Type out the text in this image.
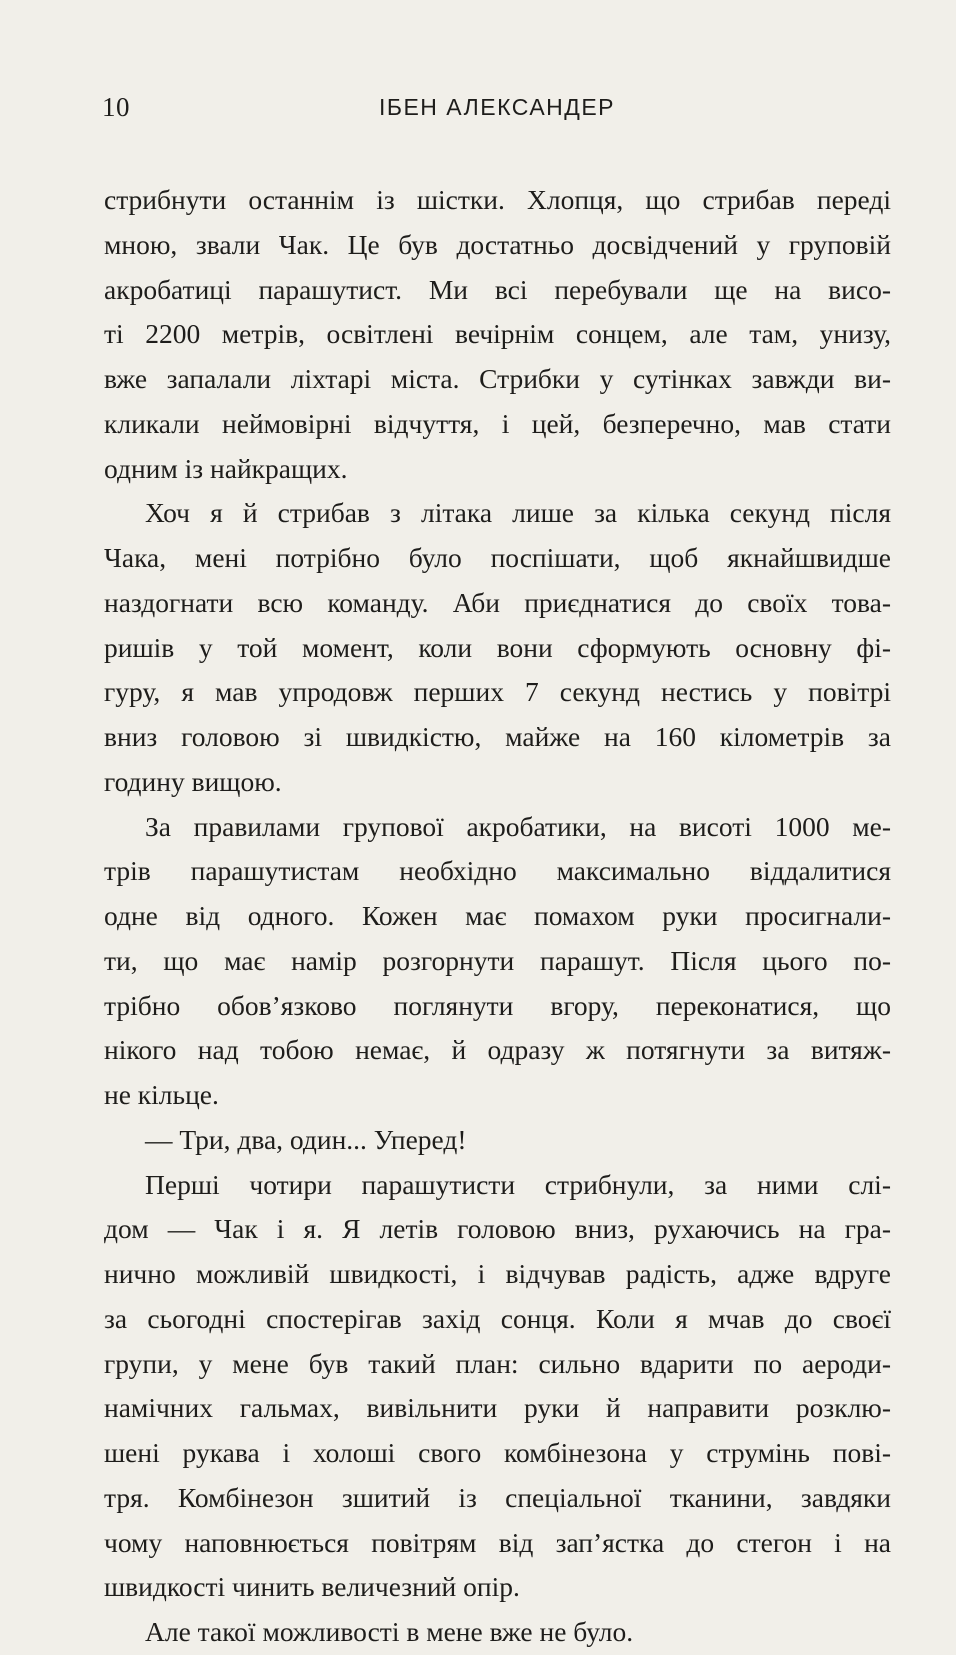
10	ІБЕН АЛЕКСАНДЕР
стрибнути останнім із шістки. Хлопця, що стрибав переді
мною, звали Чак. Це був достатньо досвідчений у груповій
акробатиці парашутист. Ми всі перебували ще на висо-
ті 2200 метрів, освітлені вечірнім сонцем, але там, унизу,
вже запалали ліхтарі міста. Стрибки у сутінках завжди ви-
кликали неймовірні відчуття, і цей, безперечно, мав стати
одним із найкращих.
Хоч я й стрибав з літака лише за кілька секунд після
Чака, мені потрібно було поспішати, щоб якнайшвидше
наздогнати всю команду. Аби приєднатися до своїх това-
ришів у той момент, коли вони сформують основну фі-
гуру, я мав упродовж перших 7 секунд нестись у повітрі
вниз головою зі швидкістю, майже на 160 кілометрів за
годину вищою.
За правилами групової акробатики, на висоті 1000 ме-
трів парашутистам необхідно максимально віддалитися
одне від одного. Кожен має помахом руки просигнали-
ти, що має намір розгорнути парашут. Після цього по-
трібно обов’язково поглянути вгору, переконатися, що
нікого над тобою немає, й одразу ж потягнути за витяж-
не кільце.
— Три, два, один... Уперед!
Перші чотири парашутисти стрибнули, за ними слі-
дом — Чак і я. Я летів головою вниз, рухаючись на гра-
нично можливій швидкості, і відчував радість, адже вдруге
за сьогодні спостерігав захід сонця. Коли я мчав до своєї
групи, у мене був такий план: сильно вдарити по аероди-
намічних гальмах, вивільнити руки й направити розклю-
шені рукава і холоші свого комбінезона у струмінь пові-
тря. Комбінезон зшитий із спеціальної тканини, завдяки
чому наповнюється повітрям від зап’ястка до стегон і на
швидкості чинить величезний опір.
Але такої можливості в мене вже не було.
